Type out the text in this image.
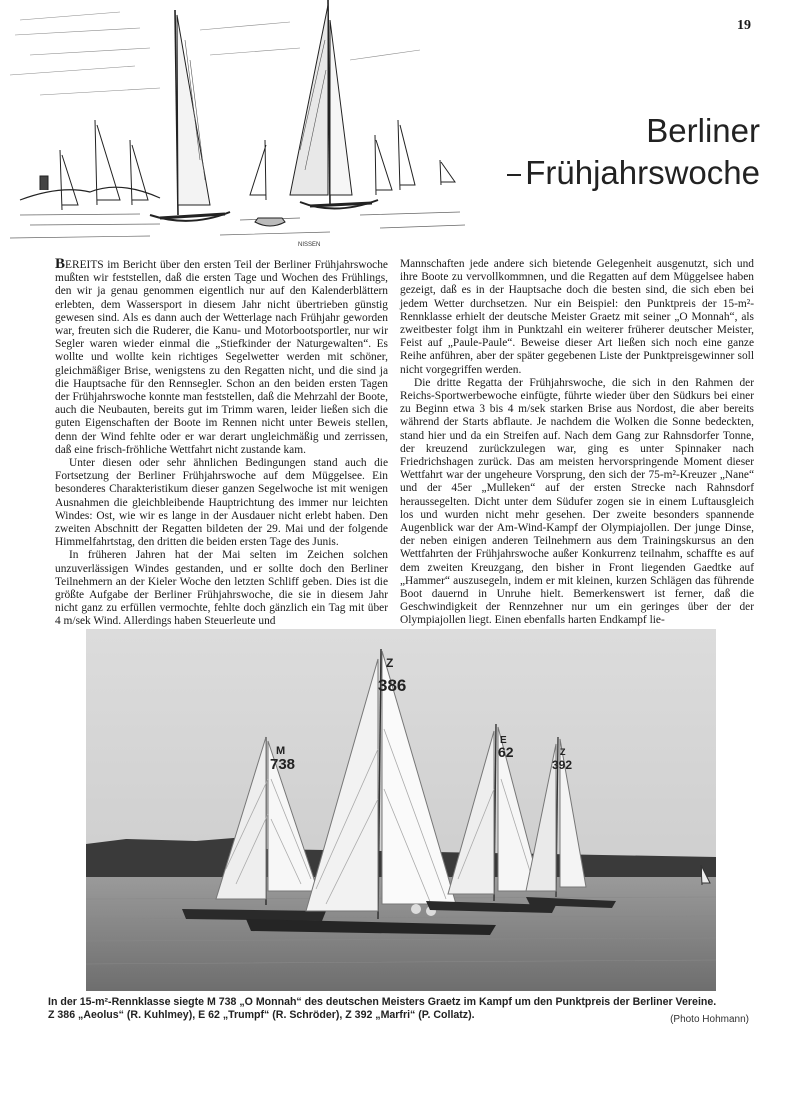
19
NISSEN
Berliner
Frühjahrswoche

BEREITS im Bericht über den ersten Teil der Berliner Frühjahrswoche mußten wir feststellen, daß die ersten Tage und Wochen des Frühlings, den wir ja genau genommen eigentlich nur auf den Kalenderblättern erlebten, dem Wassersport in diesem Jahr nicht übertrieben günstig gewesen sind. Als es dann auch der Wetterlage nach Frühjahr geworden war, freuten sich die Ruderer, die Kanu- und Motorbootsportler, nur wir Segler waren wieder einmal die „Stiefkinder der Naturgewalten“. Es wollte und wollte kein richtiges Segelwetter werden mit schöner, gleichmäßiger Brise, wenigstens zu den Regatten nicht, und die sind ja die Hauptsache für den Rennsegler. Schon an den beiden ersten Tagen der Frühjahrswoche konnte man feststellen, daß die Mehrzahl der Boote, auch die Neubauten, bereits gut im Trimm waren, leider ließen sich die guten Eigenschaften der Boote im Rennen nicht unter Beweis stellen, denn der Wind fehlte oder er war derart ungleichmäßig und zerrissen, daß eine frisch-fröhliche Wettfahrt nicht zustande kam.

Unter diesen oder sehr ähnlichen Bedingungen stand auch die Fortsetzung der Berliner Frühjahrswoche auf dem Müggelsee. Ein besonderes Charakteristikum dieser ganzen Segelwoche ist mit wenigen Ausnahmen die gleichbleibende Hauptrichtung des immer nur leichten Windes: Ost, wie wir es lange in der Ausdauer nicht erlebt haben. Den zweiten Abschnitt der Regatten bildeten der 29. Mai und der folgende Himmelfahrtstag, den dritten die beiden ersten Tage des Junis.

In früheren Jahren hat der Mai selten im Zeichen solchen unzuverlässigen Windes gestanden, und er sollte doch den Berliner Teilnehmern an der Kieler Woche den letzten Schliff geben. Dies ist die größte Aufgabe der Berliner Frühjahrswoche, die sie in diesem Jahr nicht ganz zu erfüllen vermochte, fehlte doch gänzlich ein Tag mit über 4 m/sek Wind. Allerdings haben Steuerleute und

Mannschaften jede andere sich bietende Gelegenheit ausgenutzt, sich und ihre Boote zu vervollkommnen, und die Regatten auf dem Müggelsee haben gezeigt, daß es in der Hauptsache doch die besten sind, die sich eben bei jedem Wetter durchsetzen. Nur ein Beispiel: den Punktpreis der 15-m²-Rennklasse erhielt der deutsche Meister Graetz mit seiner „O Monnah“, als zweitbester folgt ihm in Punktzahl ein weiterer früherer deutscher Meister, Feist auf „Paule-Paule“. Beweise dieser Art ließen sich noch eine ganze Reihe anführen, aber der später gegebenen Liste der Punktpreisgewinner soll nicht vorgegriffen werden.

Die dritte Regatta der Frühjahrswoche, die sich in den Rahmen der Reichs-Sportwerbewoche einfügte, führte wieder über den Südkurs bei einer zu Beginn etwa 3 bis 4 m/sek starken Brise aus Nordost, die aber bereits während der Starts abflaute. Je nachdem die Wolken die Sonne bedeckten, stand hier und da ein Streifen auf. Nach dem Gang zur Rahnsdorfer Tonne, der kreuzend zurückzulegen war, ging es unter Spinnaker nach Friedrichshagen zurück. Das am meisten hervorspringende Moment dieser Wettfahrt war der ungeheure Vorsprung, den sich der 75-m²-Kreuzer „Nane“ und der 45er „Mulleken“ auf der ersten Strecke nach Rahnsdorf heraussegelten. Dicht unter dem Südufer zogen sie in einem Luftausgleich los und wurden nicht mehr gesehen. Der zweite besonders spannende Augenblick war der Am-Wind-Kampf der Olympiajollen. Der junge Dinse, der neben einigen anderen Teilnehmern aus dem Trainingskursus an den Wettfahrten der Frühjahrswoche außer Konkurrenz teilnahm, schaffte es auf dem zweiten Kreuzgang, den bisher in Front liegenden Gaedtke auf „Hammer“ auszusegeln, indem er mit kleinen, kurzen Schlägen das führende Boot dauernd in Unruhe hielt. Bemerkenswert ist ferner, daß die Geschwindigkeit der Rennzehner nur um ein geringes über der der Olympiajollen liegt. Einen ebenfalls harten Endkampf lie-

738
M
386
Z
62
E
392
Z
In der 15-m²-Rennklasse siegte M 738 „O Monnah“ des deutschen Meisters Graetz im Kampf um den Punktpreis der Berliner Vereine.
Z 386 „Aeolus“ (R. Kuhlmey), E 62 „Trumpf“ (R. Schröder), Z 392 „Marfri“ (P. Collatz).	(Photo Hohmann)
